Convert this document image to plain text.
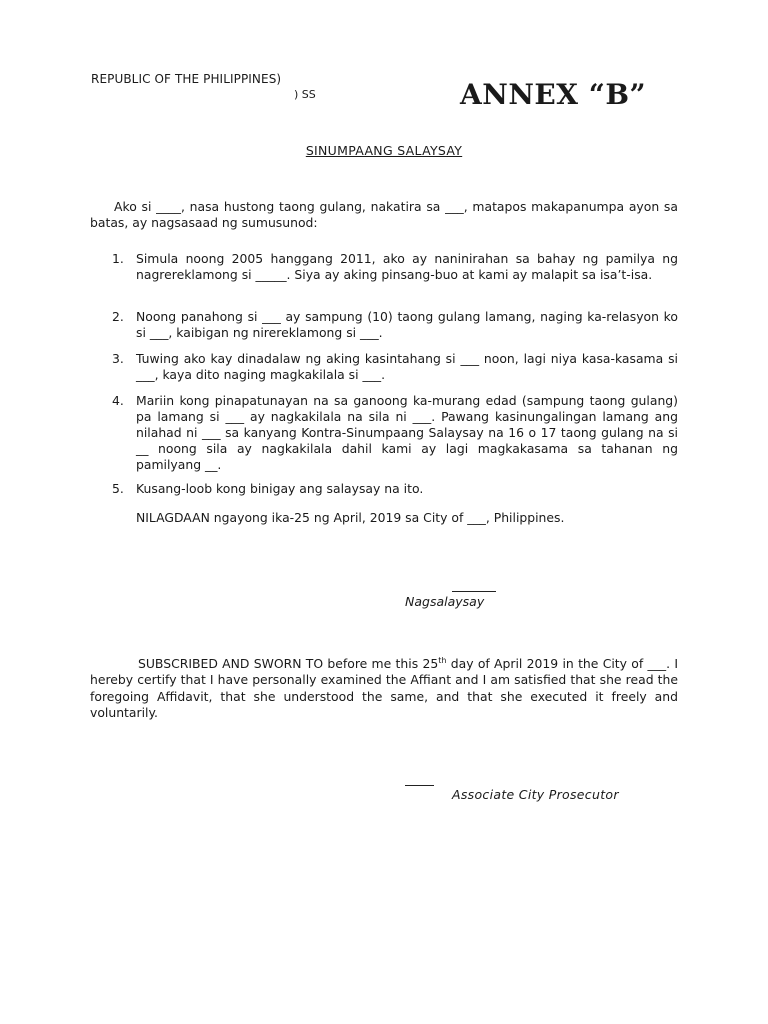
REPUBLIC OF THE PHILIPPINES)
) SS	ANNEX “B”
SINUMPAANG SALAYSAY
Ako si ____, nasa hustong taong gulang, nakatira sa ___, matapos makapanumpa ayon sa batas, ay nagsasaad ng sumusunod:
1. Simula noong 2005 hanggang 2011, ako ay naninirahan sa bahay ng pamilya ng nagrereklamong si _____. Siya ay aking pinsang-buo at kami ay malapit sa isa’t-isa.
2. Noong panahong si ___ ay sampung (10) taong gulang lamang, naging ka-relasyon ko si ___, kaibigan ng nirereklamong si ___.
3. Tuwing ako kay dinadalaw ng aking kasintahang si ___ noon, lagi niya kasa-kasama si ___, kaya dito naging magkakilala si ___.
4. Mariin kong pinapatunayan na sa ganoong ka-murang edad (sampung taong gulang) pa lamang si ___ ay nagkakilala na sila ni ___. Pawang kasinungalingan lamang ang nilahad ni ___ sa kanyang Kontra-Sinumpaang Salaysay na 16 o 17 taong gulang na si __ noong sila ay nagkakilala dahil kami ay lagi magkakasama sa tahanan ng pamilyang __.
5. Kusang-loob kong binigay ang salaysay na ito.
NILAGDAAN ngayong ika-25 ng April, 2019 sa City of ___, Philippines.
Nagsalaysay
SUBSCRIBED AND SWORN TO before me this 25th day of April 2019 in the City of ___. I hereby certify that I have personally examined the Affiant and I am satisfied that she read the foregoing Affidavit, that she understood the same, and that she executed it freely and voluntarily.
Associate City Prosecutor
